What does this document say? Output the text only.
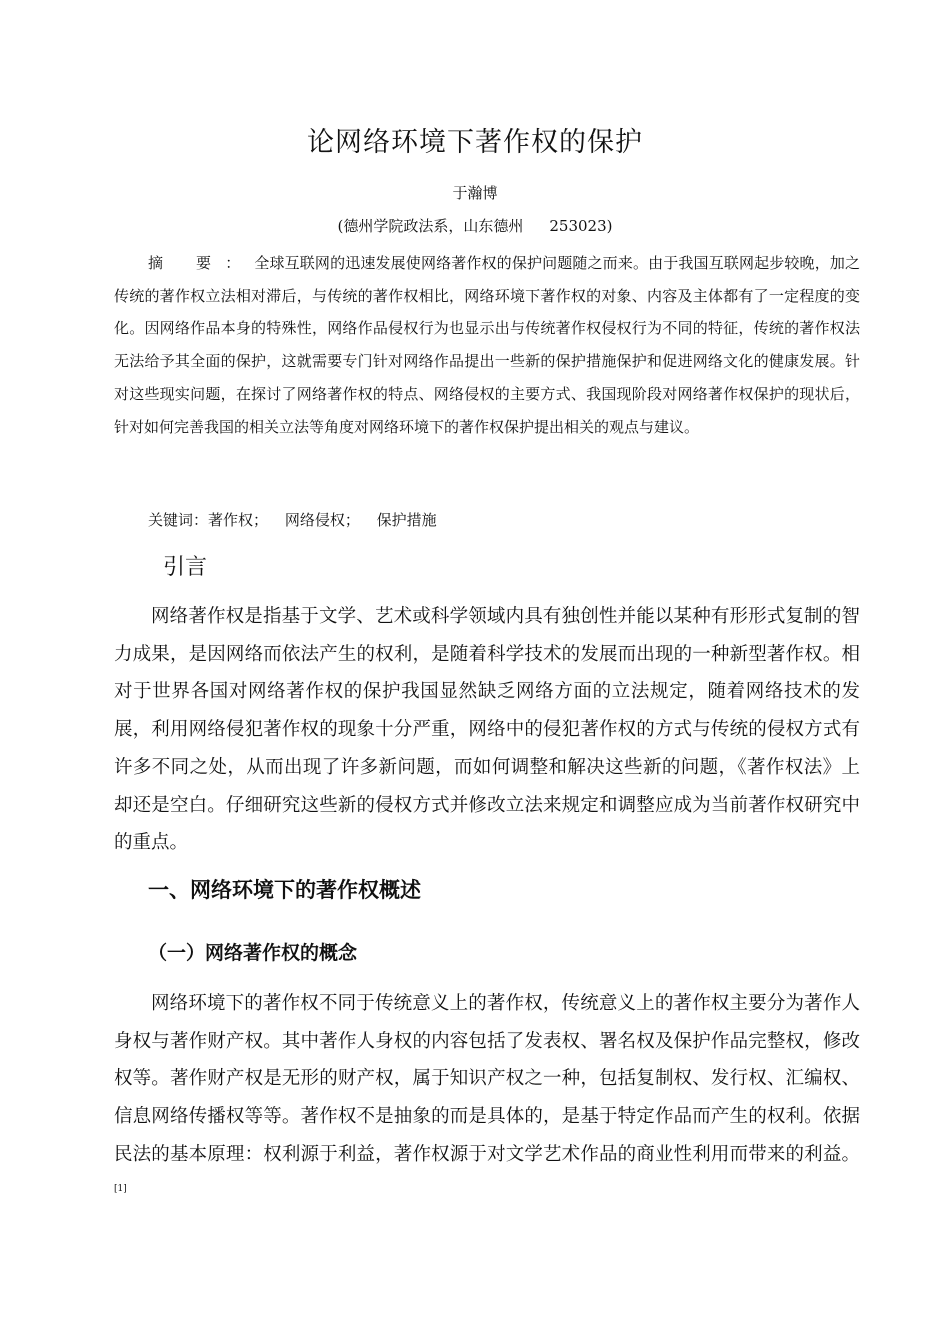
论网络环境下著作权的保护
于瀚博
(德州学院政法系，山东德州 253023)
摘 要：全球互联网的迅速发展使网络著作权的保护问题随之而来。由于我国互联网起步较晚，加之传统的著作权立法相对滞后，与传统的著作权相比，网络环境下著作权的对象、内容及主体都有了一定程度的变化。因网络作品本身的特殊性，网络作品侵权行为也显示出与传统著作权侵权行为不同的特征，传统的著作权法无法给予其全面的保护，这就需要专门针对网络作品提出一些新的保护措施保护和促进网络文化的健康发展。针对这些现实问题，在探讨了网络著作权的特点、网络侵权的主要方式、我国现阶段对网络著作权保护的现状后，针对如何完善我国的相关立法等角度对网络环境下的著作权保护提出相关的观点与建议。
关键词：著作权； 网络侵权； 保护措施
引言
网络著作权是指基于文学、艺术或科学领域内具有独创性并能以某种有形形式复制的智力成果，是因网络而依法产生的权利，是随着科学技术的发展而出现的一种新型著作权。相对于世界各国对网络著作权的保护我国显然缺乏网络方面的立法规定，随着网络技术的发展，利用网络侵犯著作权的现象十分严重，网络中的侵犯著作权的方式与传统的侵权方式有许多不同之处，从而出现了许多新问题，而如何调整和解决这些新的问题，《著作权法》上却还是空白。仔细研究这些新的侵权方式并修改立法来规定和调整应成为当前著作权研究中的重点。
一、网络环境下的著作权概述
（一）网络著作权的概念
网络环境下的著作权不同于传统意义上的著作权，传统意义上的著作权主要分为著作人身权与著作财产权。其中著作人身权的内容包括了发表权、署名权及保护作品完整权，修改权等。著作财产权是无形的财产权，属于知识产权之一种，包括复制权、发行权、汇编权、信息网络传播权等等。著作权不是抽象的而是具体的，是基于特定作品而产生的权利。依据民法的基本原理：权利源于利益，著作权源于对文学艺术作品的商业性利用而带来的利益。[1]
